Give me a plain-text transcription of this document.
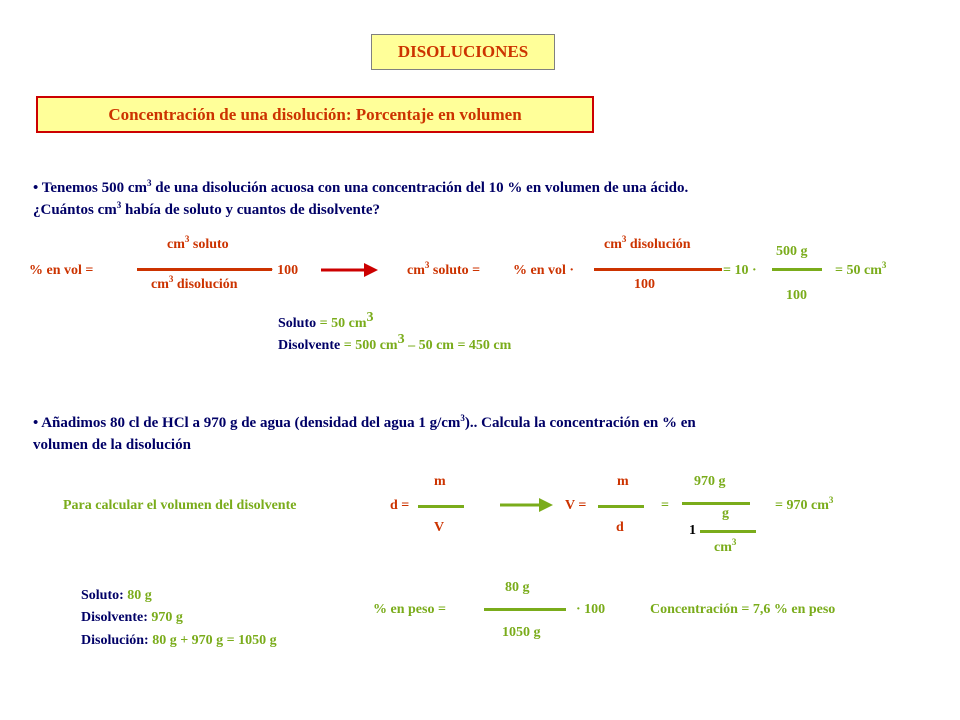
DISOLUCIONES
Concentración de una disolución: Porcentaje en volumen
• Tenemos 500 $cm^3$ de una disolución acuosa con una concentración del 10 % en volumen de una ácido.
¿Cuántos $cm^3$ había de soluto y cuantos de disolvente?
% en vol =
$cm^3$ soluto
$cm^3$ disolución
· 100	$cm^3$ soluto = % en vol ·
$cm^3$ disolución
100
= 10 ·
500 g
100
= 50 $cm^3$
Soluto = 50 $cm^3$
Disolvente = 500 $cm^3 - 50$ cm = 450 cm
• Añadimos 80 cl de HCl a 970 g de agua (densidad del agua 1 $g/cm^3$).. Calcula la concentración en % en
volumen de la disolución
Para calcular el volumen del disolvente	d =
m
V
V =
m
d
=
970 g
g
1
$cm^3$
= 970 $cm^3$
Soluto: 80 g
Disolvente: 970 g
Disolución: 80 g + 970 g = 1050 g
% en peso =
80 g
1050 g
· 100	Concentración = 7,6 % en peso
